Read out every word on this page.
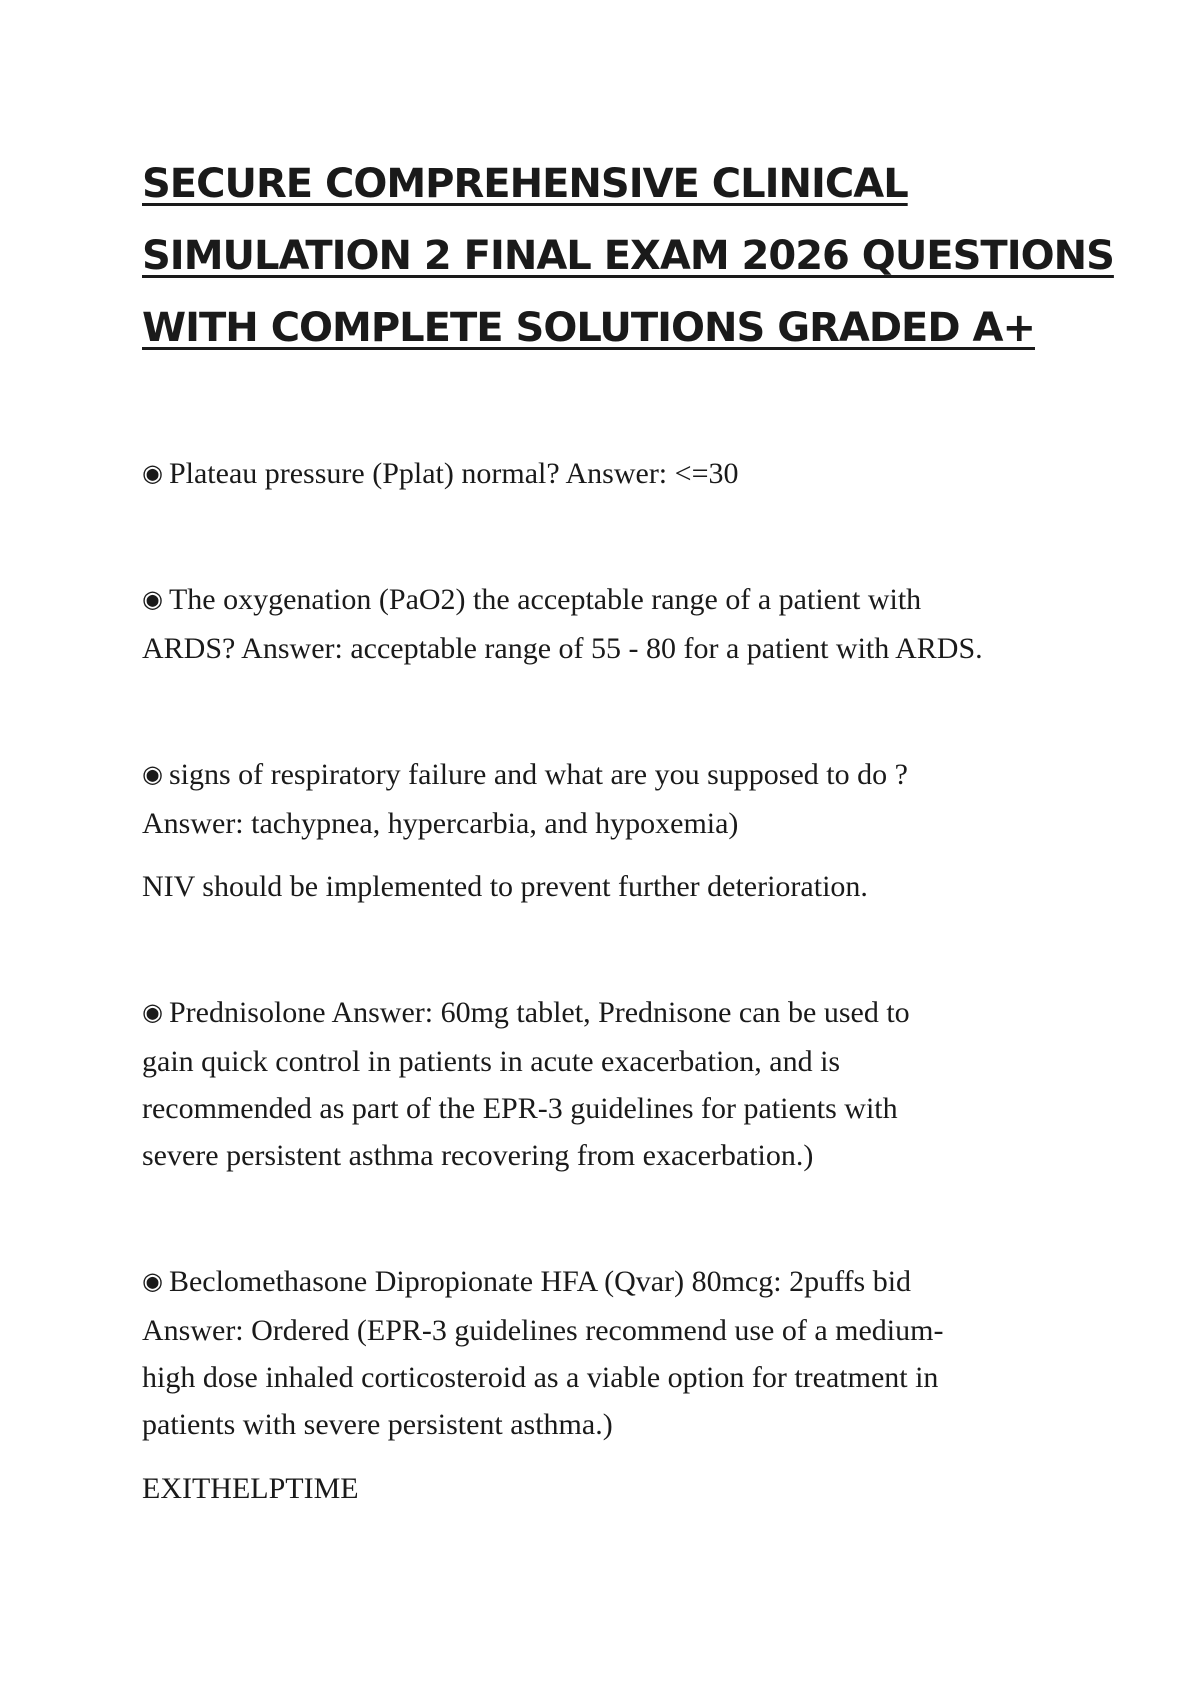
SECURE COMPREHENSIVE CLINICAL
SIMULATION 2 FINAL EXAM 2026 QUESTIONS
WITH COMPLETE SOLUTIONS GRADED A+

◉ Plateau pressure (Pplat) normal? Answer: <=30

◉ The oxygenation (PaO2) the acceptable range of a patient with
ARDS? Answer: acceptable range of 55 - 80 for a patient with ARDS.

◉ signs of respiratory failure and what are you supposed to do ?
Answer: tachypnea, hypercarbia, and hypoxemia)

NIV should be implemented to prevent further deterioration.

◉ Prednisolone Answer: 60mg tablet, Prednisone can be used to
gain quick control in patients in acute exacerbation, and is
recommended as part of the EPR-3 guidelines for patients with
severe persistent asthma recovering from exacerbation.)

◉ Beclomethasone Dipropionate HFA (Qvar) 80mcg: 2puffs bid
Answer: Ordered (EPR-3 guidelines recommend use of a medium-
high dose inhaled corticosteroid as a viable option for treatment in
patients with severe persistent asthma.)

EXITHELPTIME
